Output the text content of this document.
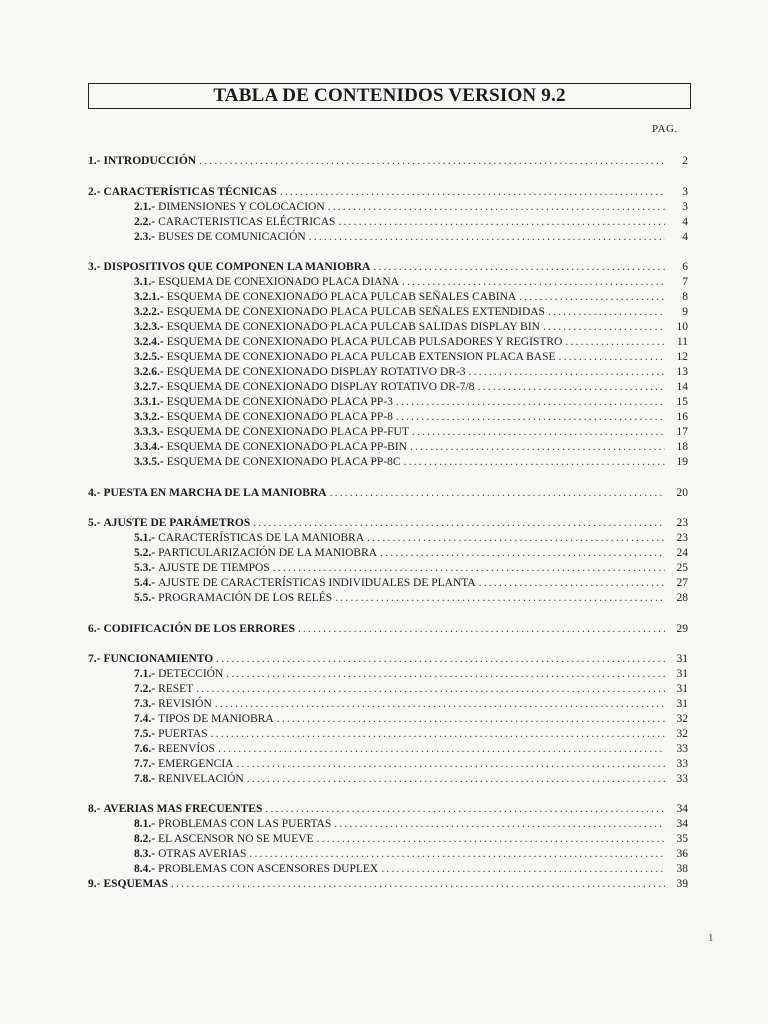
TABLA DE CONTENIDOS VERSION 9.2
PAG.
1.- INTRODUCCIÓN .....	2
2.- CARACTERÍSTICAS TÉCNICAS .....	3
2.1.- DIMENSIONES Y COLOCACION .....	3
2.2.- CARACTERISTICAS ELÉCTRICAS .....	4
2.3.- BUSES DE COMUNICACIÓN .....	4
3.- DISPOSITIVOS QUE COMPONEN LA MANIOBRA .....	6
3.1.- ESQUEMA DE CONEXIONADO PLACA DIANA .....	7
3.2.1.- ESQUEMA DE CONEXIONADO PLACA PULCAB SEÑALES CABINA .....	8
3.2.2.- ESQUEMA DE CONEXIONADO PLACA PULCAB SEÑALES EXTENDIDAS .....	9
3.2.3.- ESQUEMA DE CONEXIONADO PLACA PULCAB SALIDAS DISPLAY BIN .....	10
3.2.4.- ESQUEMA DE CONEXIONADO PLACA PULCAB PULSADORES Y REGISTRO .....	11
3.2.5.- ESQUEMA DE CONEXIONADO PLACA PULCAB EXTENSION PLACA BASE .....	12
3.2.6.- ESQUEMA DE CONEXIONADO DISPLAY ROTATIVO DR-3 .....	13
3.2.7.- ESQUEMA DE CONEXIONADO DISPLAY ROTATIVO DR-7/8 .....	14
3.3.1.- ESQUEMA DE CONEXIONADO PLACA PP-3 .....	15
3.3.2.- ESQUEMA DE CONEXIONADO PLACA PP-8 .....	16
3.3.3.- ESQUEMA DE CONEXIONADO PLACA PP-FUT .....	17
3.3.4.- ESQUEMA DE CONEXIONADO PLACA PP-BIN .....	18
3.3.5.- ESQUEMA DE CONEXIONADO PLACA PP-8C .....	19
4.- PUESTA EN MARCHA DE LA MANIOBRA .....	20
5.- AJUSTE DE PARÁMETROS .....	23
5.1.- CARACTERÍSTICAS DE LA MANIOBRA .....	23
5.2.- PARTICULARIZACIÓN DE LA MANIOBRA .....	24
5.3.- AJUSTE DE TIEMPOS .....	25
5.4.- AJUSTE DE CARACTERÍSTICAS INDIVIDUALES DE PLANTA .....	27
5.5.- PROGRAMACIÓN DE LOS RELÉS .....	28
6.- CODIFICACIÓN DE LOS ERRORES .....	29
7.- FUNCIONAMIENTO .....	31
7.1.- DETECCIÓN .....	31
7.2.- RESET .....	31
7.3.- REVISIÓN .....	31
7.4.- TIPOS DE MANIOBRA .....	32
7.5.- PUERTAS .....	32
7.6.- REENVÍOS .....	33
7.7.- EMERGENCIA .....	33
7.8.- RENIVELACIÓN .....	33
8.- AVERIAS MAS FRECUENTES .....	34
8.1.- PROBLEMAS CON LAS PUERTAS .....	34
8.2.- EL ASCENSOR NO SE MUEVE .....	35
8.3.- OTRAS AVERIAS .....	36
8.4.- PROBLEMAS CON ASCENSORES DUPLEX .....	38
9.- ESQUEMAS .....	39
1
